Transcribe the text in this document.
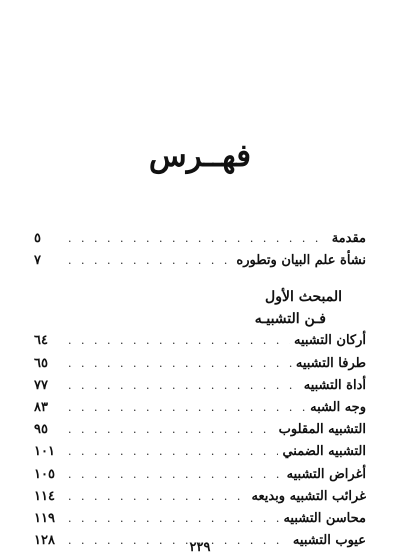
فهــرس
مقدمة
. . .
٥
نشأة علم البيان وتطوره
. . .
٧
المبحث الأول
فـن التشبيـه
أركان التشبيه
. . .
٦٤
طرفا التشبيه
. . .
٦٥
أداة التشبيه
. . .
٧٧
وجه الشبه
. . .
٨٣
التشبيه المقلوب
. . .
٩٥
التشبيه الضمني
. . .
١٠١
أغراض التشبيه
. . .
١٠٥
غرائب التشبيه وبديعه
. . .
١١٤
محاسن التشبيه
. . .
١١٩
عيوب التشبيه
. . .
١٢٨	٢٢٩
